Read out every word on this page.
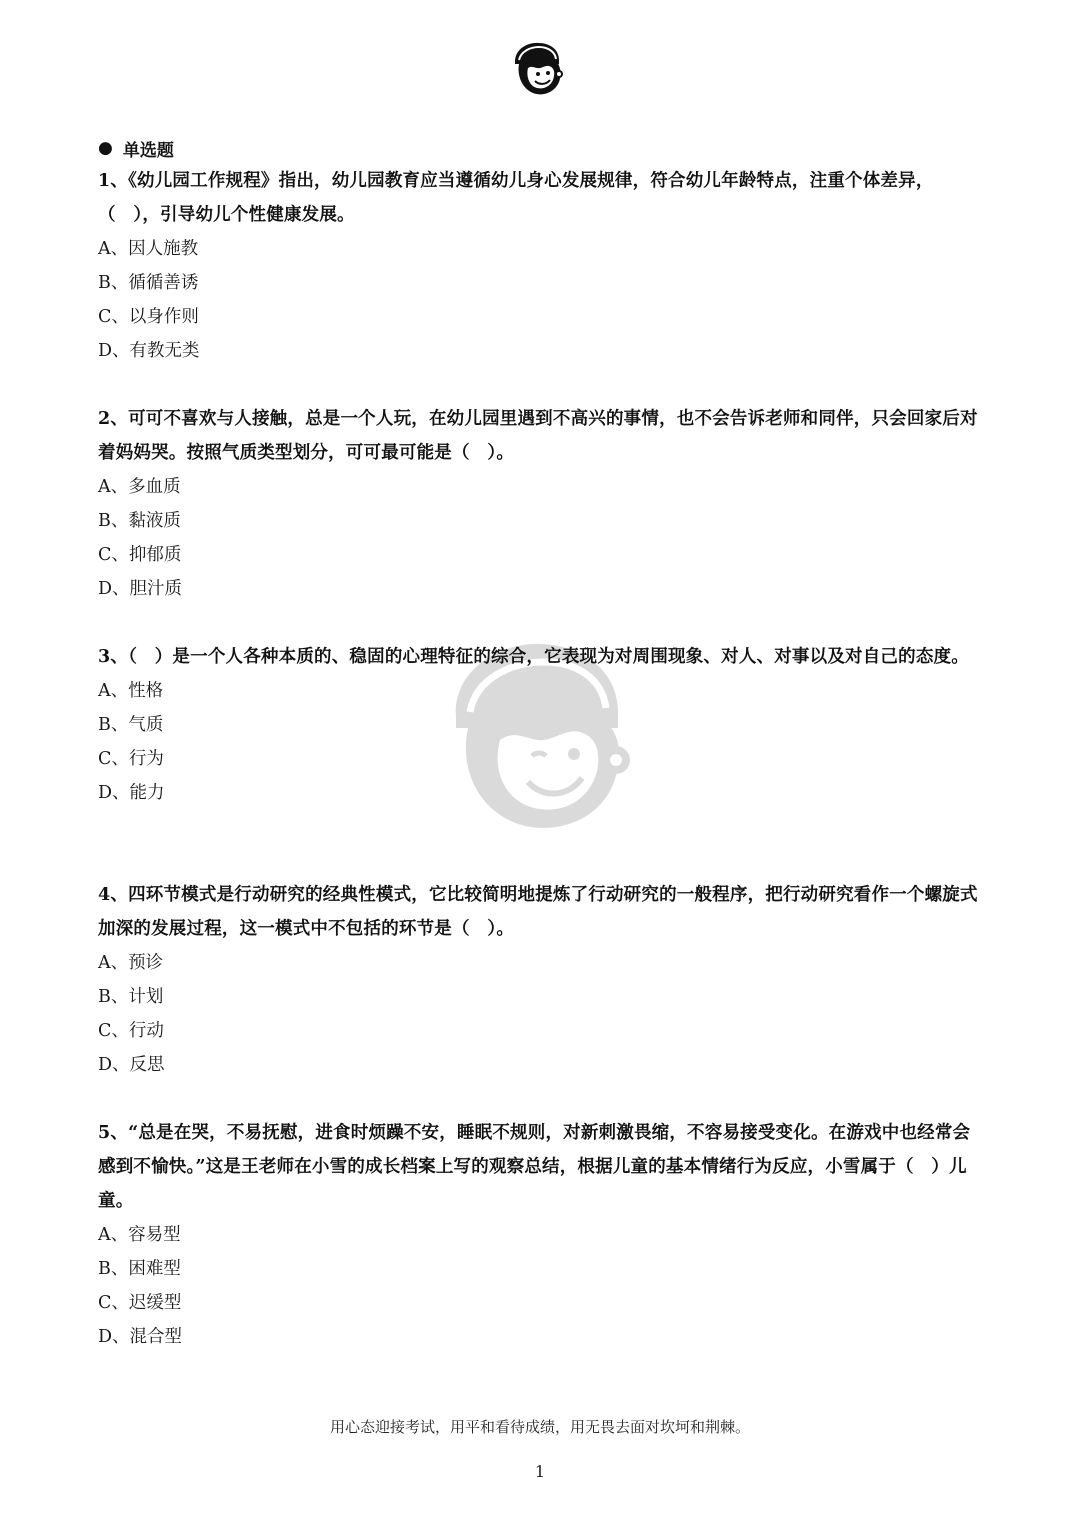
● 单选题

1、《幼儿园工作规程》指出，幼儿园教育应当遵循幼儿身心发展规律，符合幼儿年龄特点，注重个体差异，（　），引导幼儿个性健康发展。

A、因人施教
B、循循善诱
C、以身作则
D、有教无类

2、可可不喜欢与人接触，总是一个人玩，在幼儿园里遇到不高兴的事情，也不会告诉老师和同伴，只会回家后对着妈妈哭。按照气质类型划分，可可最可能是（　）。

A、多血质
B、黏液质
C、抑郁质
D、胆汁质

3、（　）是一个人各种本质的、稳固的心理特征的综合，它表现为对周围现象、对人、对事以及对自己的态度。

A、性格
B、气质
C、行为
D、能力

4、四环节模式是行动研究的经典性模式，它比较简明地提炼了行动研究的一般程序，把行动研究看作一个螺旋式加深的发展过程，这一模式中不包括的环节是（　）。

A、预诊
B、计划
C、行动
D、反思

5、“总是在哭，不易抚慰，进食时烦躁不安，睡眠不规则，对新刺激畏缩，不容易接受变化。在游戏中也经常会感到不愉快。”这是王老师在小雪的成长档案上写的观察总结，根据儿童的基本情绪行为反应，小雪属于（　）儿童。

A、容易型
B、困难型
C、迟缓型
D、混合型
用心态迎接考试，用平和看待成绩，用无畏去面对坎坷和荆棘。
1
